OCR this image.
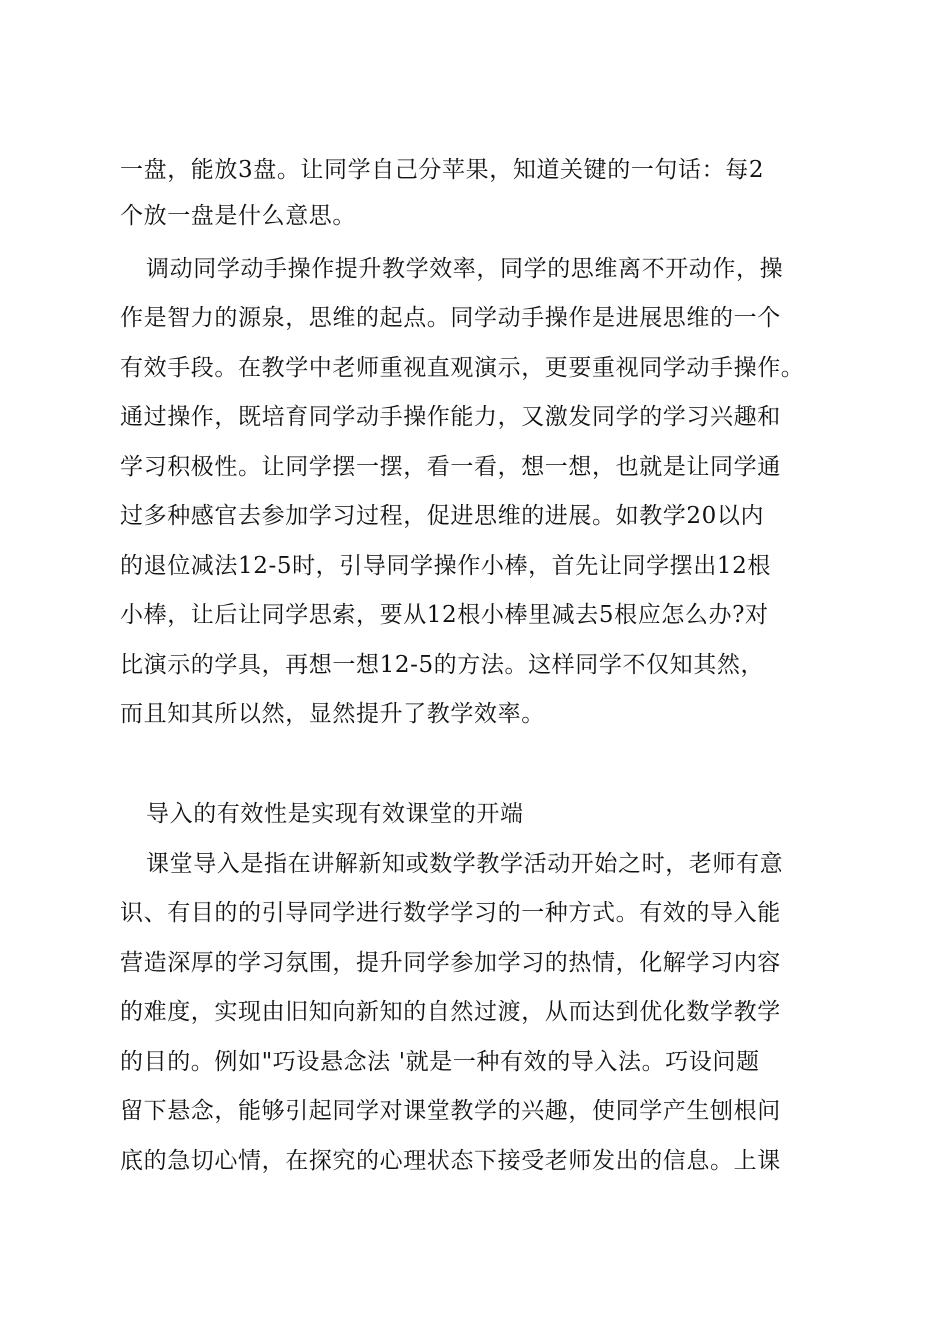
一盘，能放3盘。让同学自己分苹果，知道关键的一句话：每2
个放一盘是什么意思。
调动同学动手操作提升教学效率，同学的思维离不开动作，操
作是智力的源泉，思维的起点。同学动手操作是进展思维的一个
有效手段。在教学中老师重视直观演示，更要重视同学动手操作。
通过操作，既培育同学动手操作能力，又激发同学的学习兴趣和
学习积极性。让同学摆一摆，看一看，想一想，也就是让同学通
过多种感官去参加学习过程，促进思维的进展。如教学20以内
的退位减法12-5时，引导同学操作小棒，首先让同学摆出12根
小棒，让后让同学思索，要从12根小棒里减去5根应怎么办?对
比演示的学具，再想一想12-5的方法。这样同学不仅知其然，
而且知其所以然，显然提升了教学效率。
导入的有效性是实现有效课堂的开端
课堂导入是指在讲解新知或数学教学活动开始之时，老师有意
识、有目的的引导同学进行数学学习的一种方式。有效的导入能
营造深厚的学习氛围，提升同学参加学习的热情，化解学习内容
的难度，实现由旧知向新知的自然过渡，从而达到优化数学教学
的目的。例如"巧设悬念法 '就是一种有效的导入法。巧设问题
留下悬念，能够引起同学对课堂教学的兴趣，使同学产生刨根问
底的急切心情，在探究的心理状态下接受老师发出的信息。上课
